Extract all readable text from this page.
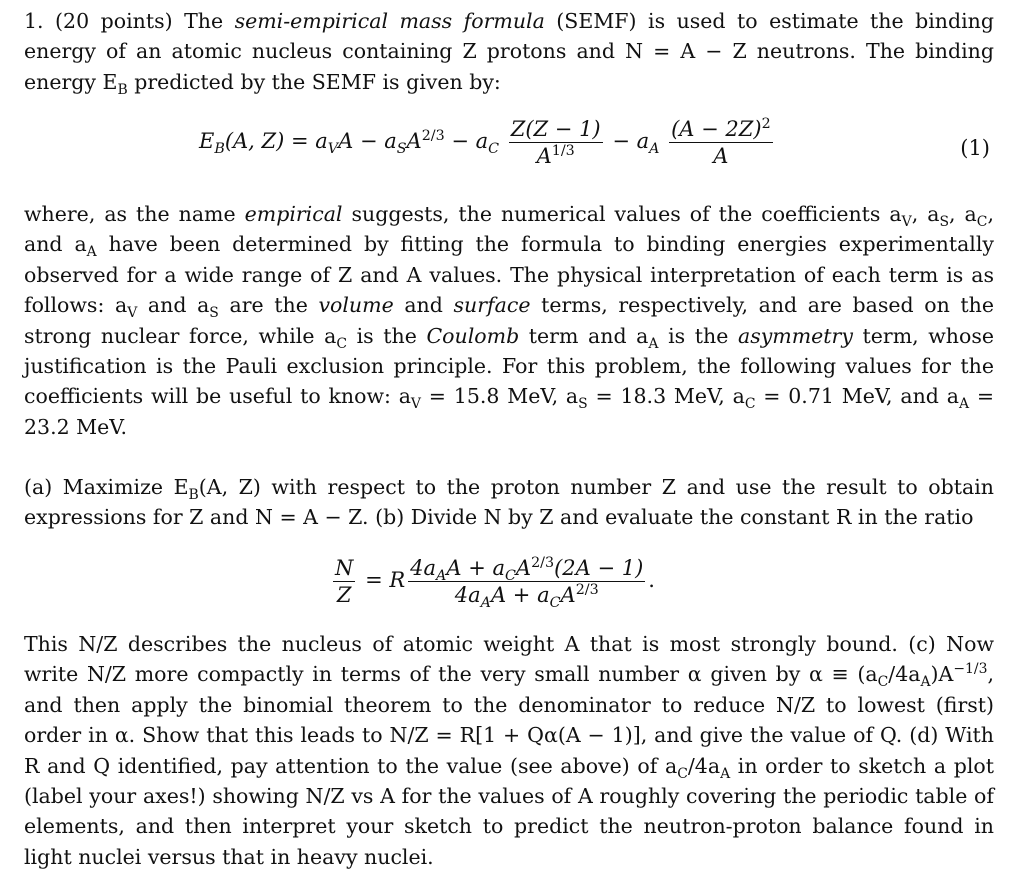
1. (20 points) The semi-empirical mass formula (SEMF) is used to estimate the binding energy of an atomic nucleus containing Z protons and N = A − Z neutrons. The binding energy $E_B$ predicted by the SEMF is given by:

$E_B(A$, $Z) = a_VA - a_SA^{2/3} - a_C \frac{Z(Z - 1)}{A^{1/3}} - a_A \frac{(A - 2Z)^2}{A}$	(1)

where, as the name empirical suggests, the numerical values of the coefficients $a_V$, $a_S$, $a_C$, and $a_A$ have been determined by fitting the formula to binding energies experimentally observed for a wide range of Z and A values. The physical interpretation of each term is as follows: $a_V$ and $a_S$ are the volume and surface terms, respectively, and are based on the strong nuclear force, while $a_C$ is the Coulomb term and $a_A$ is the asymmetry term, whose justification is the Pauli exclusion principle. For this problem, the following values for the coefficients will be useful to know: $a_V = 15.8$ MeV, $a_S = 18.3$ MeV, $a_C = 0.71$ MeV, and $a_A = 23.2$ MeV.

(a) Maximize $E_B(A$, Z) with respect to the proton number Z and use the result to obtain expressions for Z and N = A − Z. (b) Divide N by Z and evaluate the constant R in the ratio

$\frac{N}{Z} = R \frac{4a_AA + a_CA^{2/3}(2A - 1)}{4a_AA + a_CA^{2/3}}$ .

This N/Z describes the nucleus of atomic weight A that is most strongly bound. (c) Now write N/Z more compactly in terms of the very small number α given by $\alpha \equiv (a_C/4a_A)A^{-1/3}$, and then apply the binomial theorem to the denominator to reduce N/Z to lowest (first) order in α. Show that this leads to N/Z = R[1 + Qα(A − 1)], and give the value of Q. (d) With R and Q identified, pay attention to the value (see above) of $a_C/4a_A$ in order to sketch a plot (label your axes!) showing N/Z vs A for the values of A roughly covering the periodic table of elements, and then interpret your sketch to predict the neutron-proton balance found in light nuclei versus that in heavy nuclei.
